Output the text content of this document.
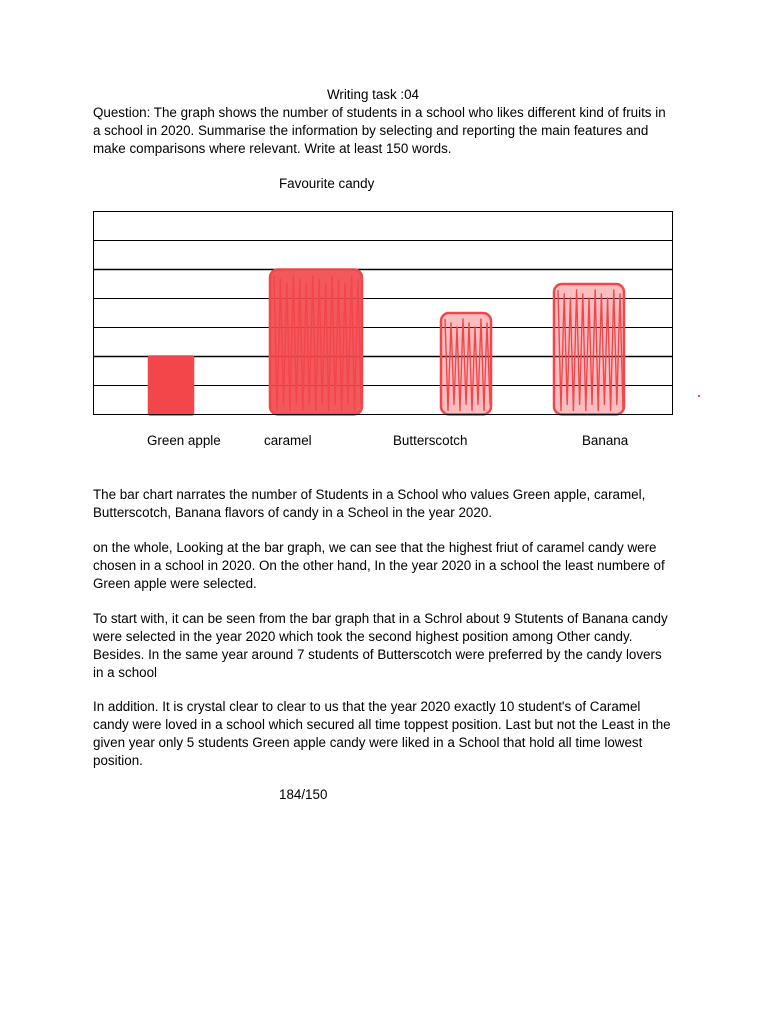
Writing task :04
Question: The graph shows the number of students in a school who likes different kind of fruits in a school in 2020. Summarise the information by selecting and reporting the main features and make comparisons where relevant. Write at least 150 words.
Favourite candy
Green apple	caramel	Butterscotch	Banana

The bar chart narrates the number of Students in a School who values Green apple, caramel, Butterscotch, Banana flavors of candy in a Scheol in the year 2020.

on the whole, Looking at the bar graph, we can see that the highest friut of caramel candy were chosen in a school in 2020. On the other hand, In the year 2020 in a school the least numbere of Green apple were selected.

To start with, it can be seen from the bar graph that in a Schrol about 9 Stutents of Banana candy were selected in the year 2020 which took the second highest position among Other candy. Besides. In the same year around 7 students of Butterscotch were preferred by the candy lovers in a school

In addition. It is crystal clear to clear to us that the year 2020 exactly 10 student's of Caramel candy were loved in a school which secured all time toppest position. Last but not the Least in the given year only 5 students Green apple candy were liked in a School that hold all time lowest position.

184/150
